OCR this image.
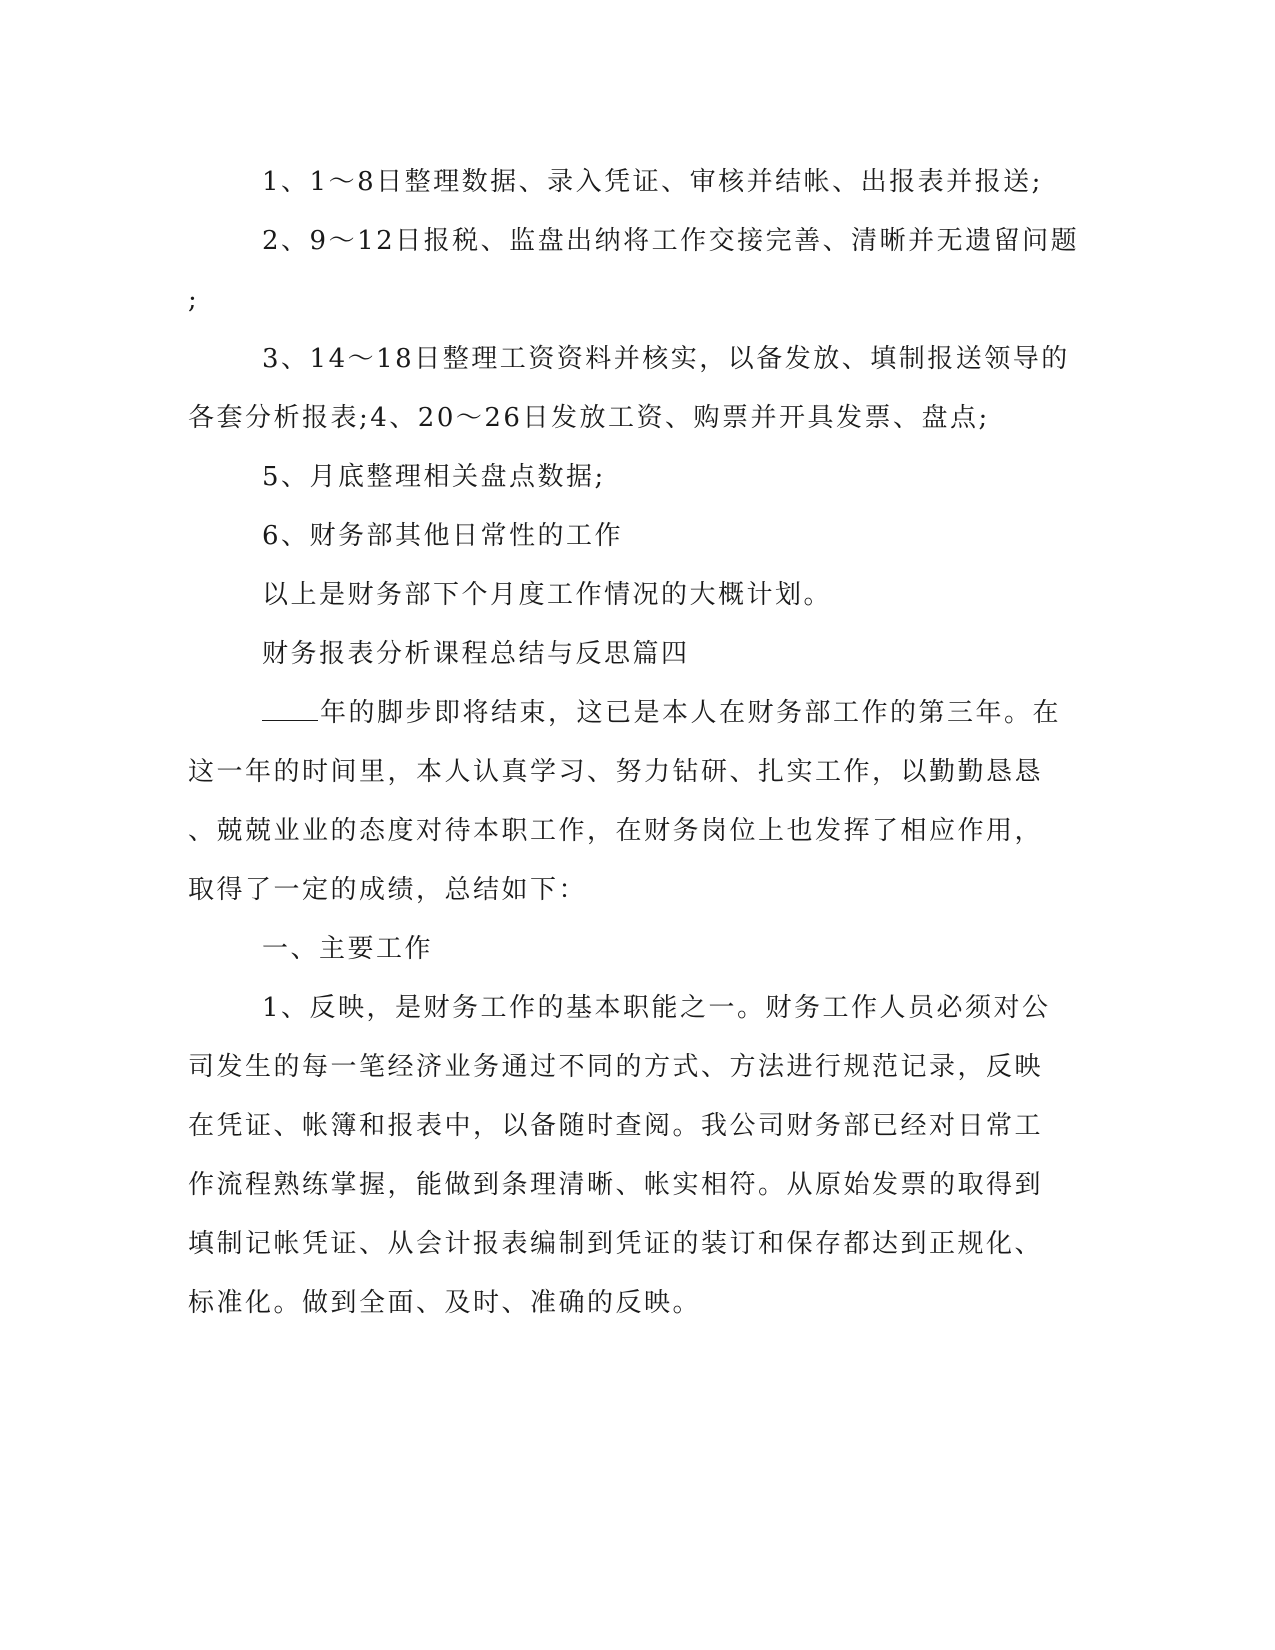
1、1～8日整理数据、录入凭证、审核并结帐、出报表并报送;
2、9～12日报税、监盘出纳将工作交接完善、清晰并无遗留问题
;
3、14～18日整理工资资料并核实，以备发放、填制报送领导的
各套分析报表;4、20～26日发放工资、购票并开具发票、盘点;
5、月底整理相关盘点数据;
6、财务部其他日常性的工作
以上是财务部下个月度工作情况的大概计划。
财务报表分析课程总结与反思篇四
年的脚步即将结束，这已是本人在财务部工作的第三年。在
这一年的时间里，本人认真学习、努力钻研、扎实工作，以勤勤恳恳
、兢兢业业的态度对待本职工作，在财务岗位上也发挥了相应作用，
取得了一定的成绩，总结如下：
一、主要工作
1、反映，是财务工作的基本职能之一。财务工作人员必须对公
司发生的每一笔经济业务通过不同的方式、方法进行规范记录，反映
在凭证、帐簿和报表中，以备随时查阅。我公司财务部已经对日常工
作流程熟练掌握，能做到条理清晰、帐实相符。从原始发票的取得到
填制记帐凭证、从会计报表编制到凭证的装订和保存都达到正规化、
标准化。做到全面、及时、准确的反映。
